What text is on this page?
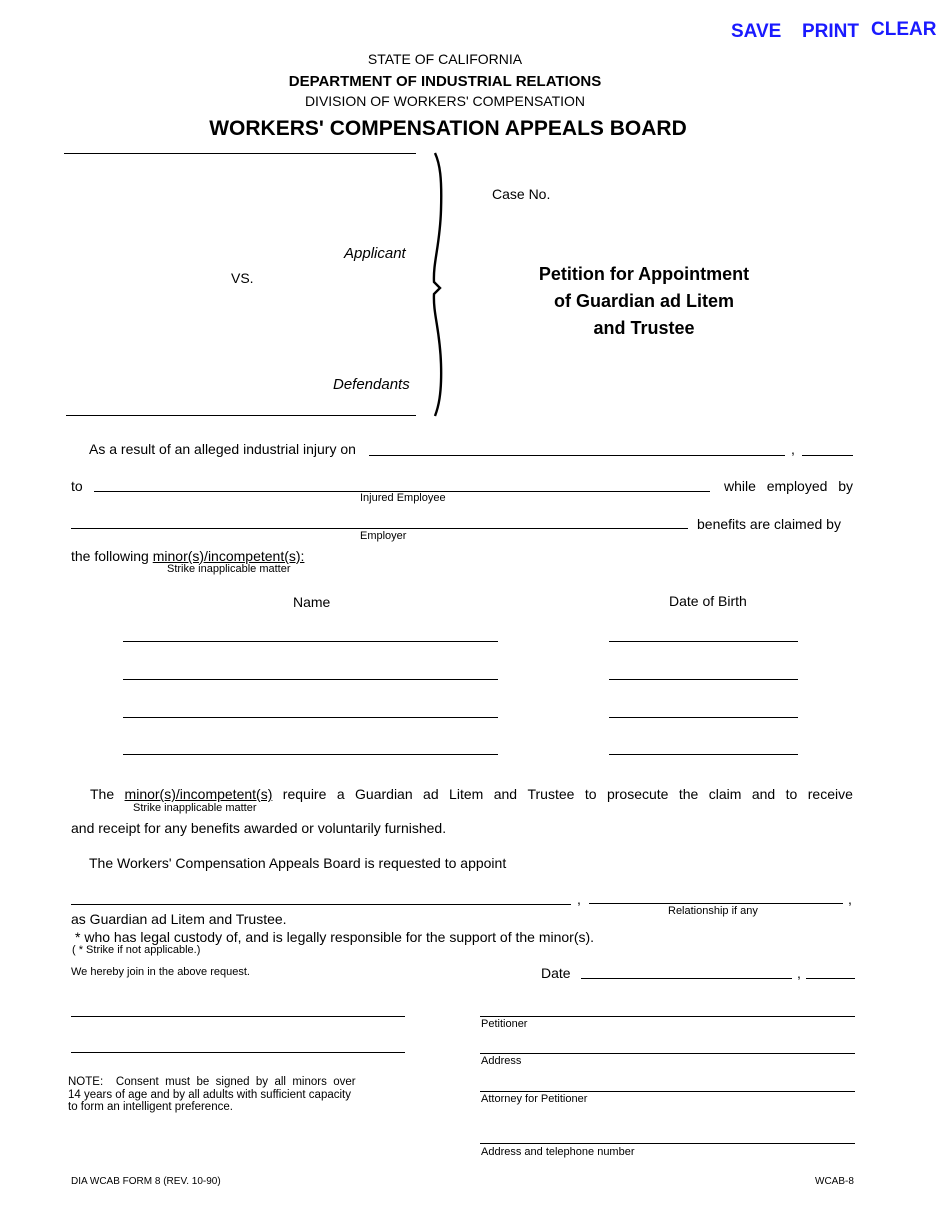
SAVE PRINT CLEAR
STATE OF CALIFORNIA
DEPARTMENT OF INDUSTRIAL RELATIONS
DIVISION OF WORKERS' COMPENSATION
WORKERS' COMPENSATION APPEALS BOARD
Applicant
VS.
Defendants
Case No.
Petition for Appointment
of Guardian ad Litem
and Trustee
As a result of an alleged industrial injury on	,
to
Injured Employee
while employed by
benefits are claimed by
Employer
the following minor(s)/incompetent(s):
Strike inapplicable matter
Name	Date of Birth
The minor(s)/incompetent(s) require a Guardian ad Litem and Trustee to prosecute the claim and to receive
Strike inapplicable matter
and receipt for any benefits awarded or voluntarily furnished.
The Workers' Compensation Appeals Board is requested to appoint
,	,
Relationship if any
as Guardian ad Litem and Trustee.
* who has legal custody of, and is legally responsible for the support of the minor(s).
( * Strike if not applicable.)
We hereby join in the above request.	Date	,
NOTE:    Consent  must  be  signed  by  all  minors  over
14 years of age and by all adults with sufficient capacity
to form an intelligent preference.
Petitioner
Address
Attorney for Petitioner
Address and telephone number
DIA WCAB FORM 8 (REV. 10-90)	WCAB-8
